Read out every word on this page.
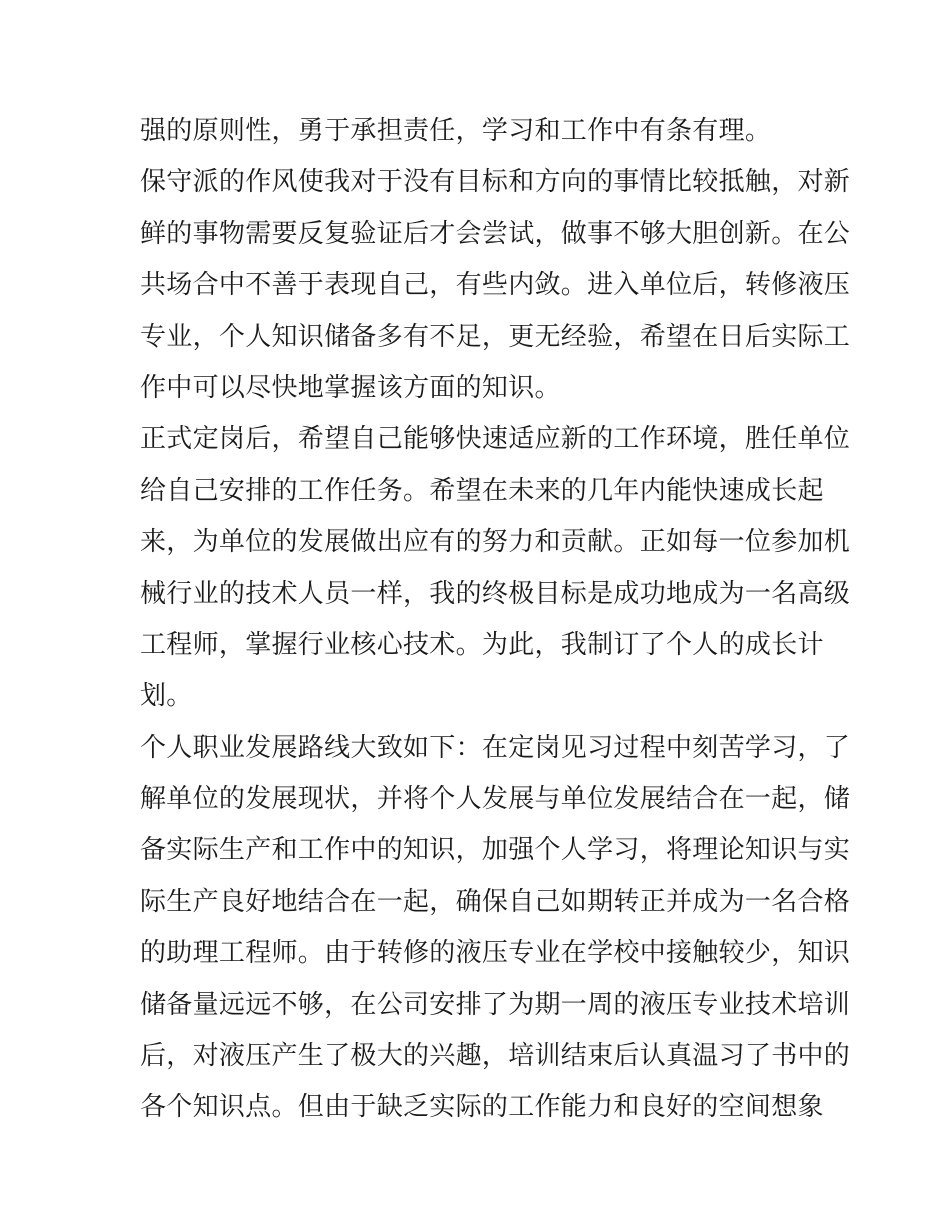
强的原则性，勇于承担责任，学习和工作中有条有理。
保守派的作风使我对于没有目标和方向的事情比较抵触，对新
鲜的事物需要反复验证后才会尝试，做事不够大胆创新。在公
共场合中不善于表现自己，有些内敛。进入单位后，转修液压
专业，个人知识储备多有不足，更无经验，希望在日后实际工
作中可以尽快地掌握该方面的知识。
正式定岗后，希望自己能够快速适应新的工作环境，胜任单位
给自己安排的工作任务。希望在未来的几年内能快速成长起
来，为单位的发展做出应有的努力和贡献。正如每一位参加机
械行业的技术人员一样，我的终极目标是成功地成为一名高级
工程师，掌握行业核心技术。为此，我制订了个人的成长计
划。
个人职业发展路线大致如下：在定岗见习过程中刻苦学习，了
解单位的发展现状，并将个人发展与单位发展结合在一起，储
备实际生产和工作中的知识，加强个人学习，将理论知识与实
际生产良好地结合在一起，确保自己如期转正并成为一名合格
的助理工程师。由于转修的液压专业在学校中接触较少，知识
储备量远远不够，在公司安排了为期一周的液压专业技术培训
后，对液压产生了极大的兴趣，培训结束后认真温习了书中的
各个知识点。但由于缺乏实际的工作能力和良好的空间想象
